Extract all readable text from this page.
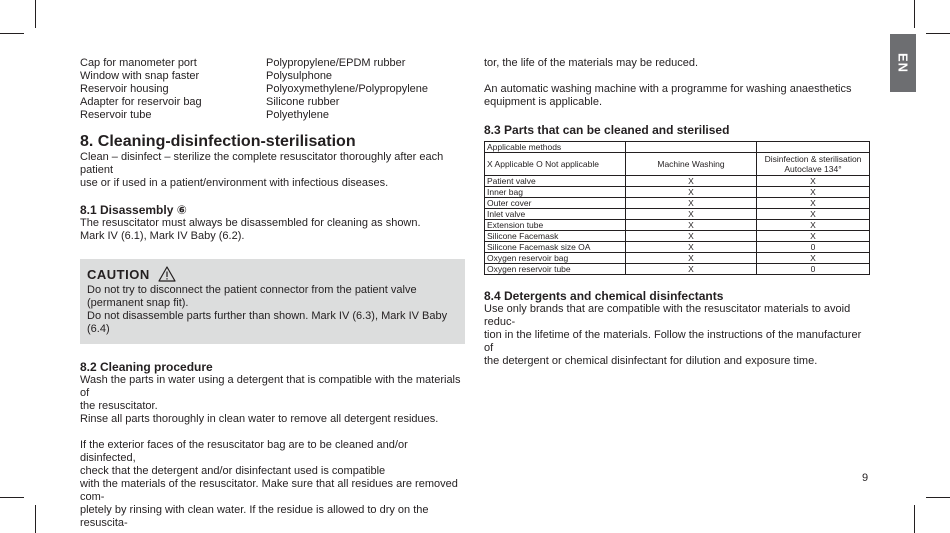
EN
Cap for manometer port	Polypropylene/EPDM rubber
Window with snap faster	Polysulphone
Reservoir housing	Polyoxymethylene/Polypropylene
Adapter for reservoir bag	Silicone rubber
Reservoir tube	Polyethylene
8. Cleaning-disinfection-sterilisation

Clean – disinfect – sterilize the complete resuscitator thoroughly after each patient

use or if used in a patient/environment with infectious diseases.

8.1 Disassembly ⑥

The resuscitator must always be disassembled for cleaning as shown.

Mark IV (6.1), Mark IV Baby (6.2).

CAUTION

Do not try to disconnect the patient connector from the patient valve

(permanent snap fit).

Do not disassemble parts further than shown. Mark IV (6.3), Mark IV Baby (6.4)

8.2 Cleaning procedure

Wash the parts in water using a detergent that is compatible with the materials of

the resuscitator.

Rinse all parts thoroughly in clean water to remove all detergent residues.

If the exterior faces of the resuscitator bag are to be cleaned and/or disinfected,

check that the detergent and/or disinfectant used is compatible

with the materials of the resuscitator. Make sure that all residues are removed com-

pletely by rinsing with clean water. If the residue is allowed to dry on the resuscita-

tor, the life of the materials may be reduced.

An automatic washing machine with a programme for washing anaesthetics

equipment is applicable.

8.3 Parts that can be cleaned and sterilised
Applicable methods		
X Applicable O Not applicable	Machine Washing	Disinfection & sterilisation
Autoclave 134°

Patient valve	X	X
Inner bag	X	X
Outer cover	X	X
Inlet valve	X	X
Extension tube	X	X
Silicone Facemask	X	X
Silicone Facemask size OA	X	0
Oxygen reservoir bag	X	X
Oxygen reservoir tube	X	0
8.4 Detergents and chemical disinfectants

Use only brands that are compatible with the resuscitator materials to avoid reduc-

tion in the lifetime of the materials. Follow the instructions of the manufacturer of

the detergent or chemical disinfectant for dilution and exposure time.

9
